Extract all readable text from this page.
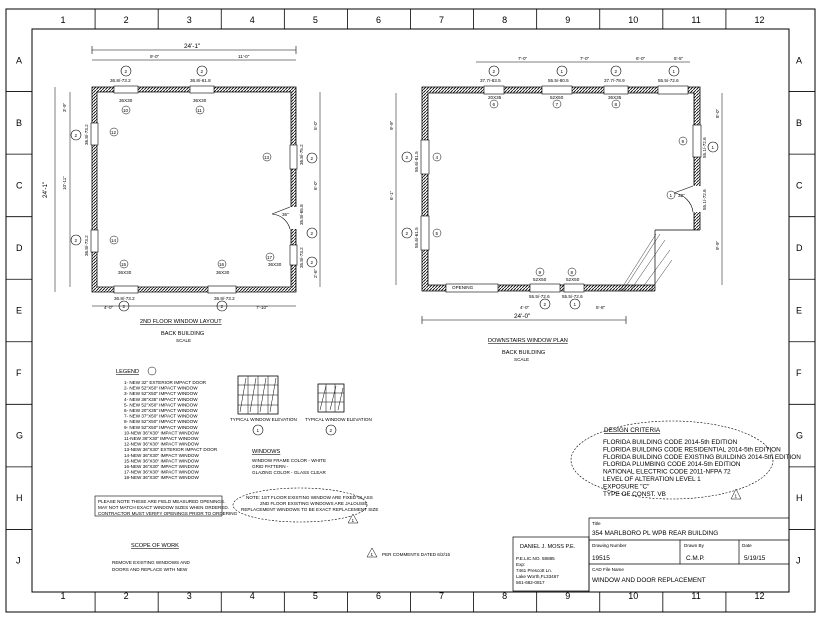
1
1
2
2
3
3
4
4
5
5
6
6
7
7
8
8
9
9
10
10
11
11
12
12
A	A
B	B
C	C
D	D
E	E
F	F
G	G
H	H
J	J
36"
24'-1"
9'-0"	11'-0"
2	2
36.8/-73.2	36.8/-61.8
36X30
10
36X30
11
12
13
14
15
36X30
16
36X30
17
36X30
24'-1"
3'-9"
10'-11"
2
2
36.8/-73.2
36.8/-73.2
5'-0"
6'-0"
2'-6"
2
2
2
36.8/-75.2
35.8/-65.8
35.8/-73.2
36.8/-73.2	36.8/-73.2
2	2
4'-0"	7'-10"
2ND FLOOR WINDOW LAYOUT
BACK BUILDING
SCALE
OPENING
1 32"
7'-0"	7'-0"	6'-0"	5'-5"
2	1	2	1
37.7/-83.5	55.5/-80.5	37.7/-78.9	55.5/-72.6
20X35
6
52X50
7
36X35
8
4
5
9
9
52X50
8
52X50
9'-9"
6'-1"
2
2
55.6/-81.5
55.6/-61.5
8'-0"
9'-9"
1
55.1/-72.6
55.1/-72.6
55.5/-72.6	55.5/-72.6
2	1
4'-0"	5'-8"
24'-0"
DOWNSTAIRS WINDOW PLAN
BACK BUILDING
SCALE
LEGEND
1- NEW 32" EXTERIOR IMPACT DOOR
2- NEW 52"X50" IMPACT WINDOW
3- NEW 52"X50" IMPACT WINDOW
4- NEW 36"X35" IMPACT WINDOW
5- NEW 52"X50" IMPACT WINDOW
6- NEW 20"X35" IMPACT WINDOW
7- NEW 37"X50" IMPACT WINDOW
8- NEW 52"X50" IMPACT WINDOW
9- NEW 52"X50" IMPACT WINDOW
10-NEW 36"X30" IMPACT WINDOW
11-NEW 36"X30" IMPACT WINDOW
12-NEW 36"X30" IMPACT WINDOW
13-NEW 36"X30" EXTERIOR IMPACT DOOR
14-NEW 36"X30" IMPACT WINDOW
15-NEW 36"X30" IMPACT WINDOW
16-NEW 36"X30" IMPACT WINDOW
17-NEW 36"X30" IMPACT WINDOW
18-NEW 36"X30" IMPACT WINDOW
TYPICAL WINDOW ELEVATION
1
TYPICAL WINDOW ELEVATION
2
WINDOWS
WINDOW FRAME COLOR - WHITE
GRID PATTERN -
GLAZING COLOR - GLASS CLEAR
PLEASE NOTE THESE ARE FIELD MEASURED OPENINGS.
MAY NOT MATCH EXACT WINDOW SIZES WHEN ORDERED.
CONTRACTOR MUST VERIFY OPENINGS PRIOR TO ORDERING
NOTE: 1ST FLOOR EXISTING WINDOW ARE FIXED GLASS
2ND FLOOR EXISTING WINDOWS ARE JALOUSIE
REPLACEMENT WINDOWS TO BE EXACT REPLACEMENT SIZE
1
SCOPE OF WORK
REMOVE EXISTING WINDOWS AND
DOORS AND REPLACE WITH NEW
1 PER COMMENTS DATED 6/2/15
DESIGN CRITERIA
FLORIDA BUILDING CODE 2014-5th EDITION
FLORIDA BUILDING CODE RESIDENTIAL 2014-5th EDITION
FLORIDA BUILDING CODE EXISTING BUILDING 2014-5th EDITION
FLORIDA PLUMBING CODE 2014-5th EDITION
NATIONAL ELECTRIC CODE 2011-NFPA 72
LEVEL OF ALTERATION LEVEL 1
EXPOSURE "C"
TYPE OF CONST. VB	1
DANIEL J. MOSS P.E.
P.E.LIC.NO. 58885
Exp:
7461 Prescott Ln.
Lake Worth,FL33467
561-662-0817
Title
354 MARLBORO PL WPB REAR BUILDING
Drawing Number
19515
Drawn By
C.M.P.
Date
5/19/15
CAD File Name
WINDOW AND DOOR REPLACEMENT
